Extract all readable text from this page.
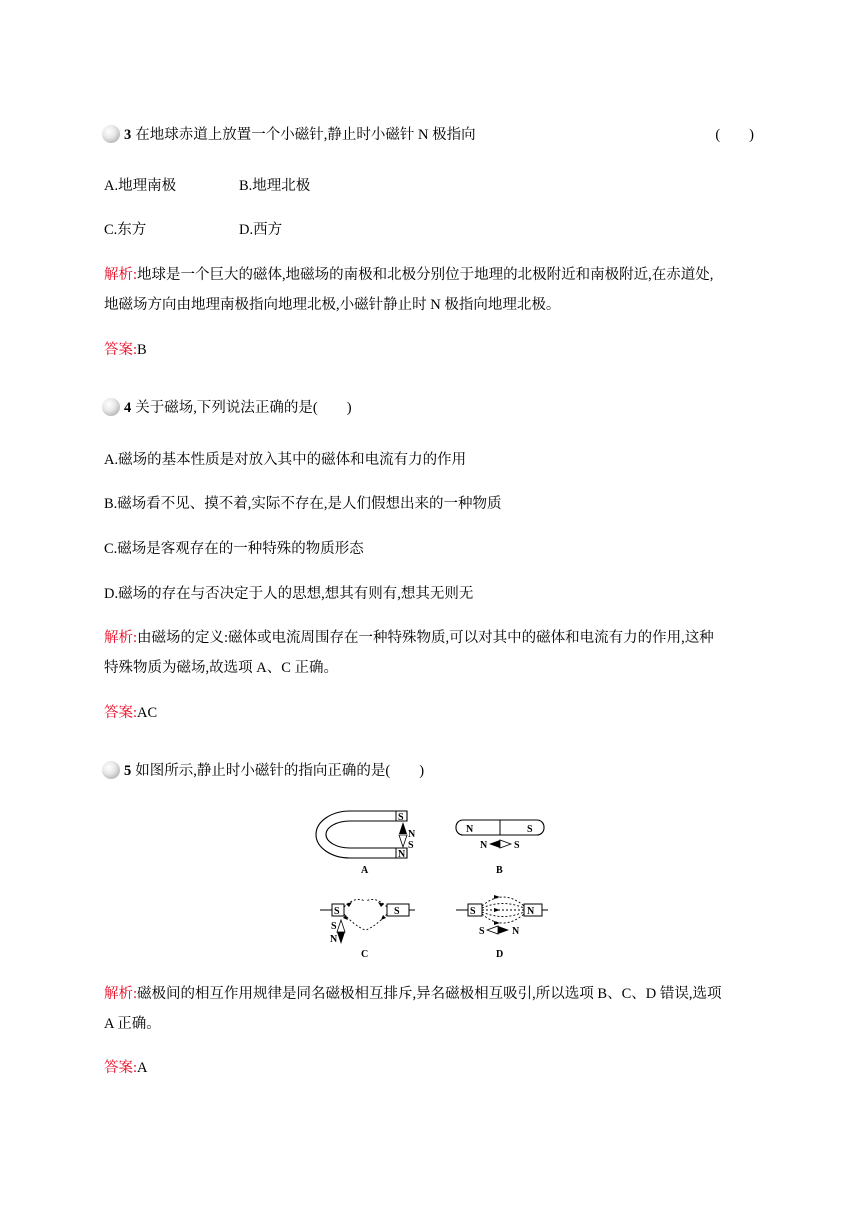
3 在地球赤道上放置一个小磁针,静止时小磁针 N 极指向	(　　)
A.地理南极	B.地理北极
C.东方	D.西方
解析:地球是一个巨大的磁体,地磁场的南极和北极分别位于地理的北极附近和南极附近,在赤道处,
地磁场方向由地理南极指向地理北极,小磁针静止时 N 极指向地理北极。
答案:B
4 关于磁场,下列说法正确的是(　　)
A.磁场的基本性质是对放入其中的磁体和电流有力的作用
B.磁场看不见、摸不着,实际不存在,是人们假想出来的一种物质
C.磁场是客观存在的一种特殊的物质形态
D.磁场的存在与否决定于人的思想,想其有则有,想其无则无
解析:由磁场的定义:磁体或电流周围存在一种特殊物质,可以对其中的磁体和电流有力的作用,这种
特殊物质为磁场,故选项 A、C 正确。
答案:AC
5 如图所示,静止时小磁针的指向正确的是(　　)
S
N
N
S
A
N	S
N	S
B
S	S
S
N
C
S	N
S	N
D
解析:磁极间的相互作用规律是同名磁极相互排斥,异名磁极相互吸引,所以选项 B、C、D 错误,选项
A 正确。
答案:A
